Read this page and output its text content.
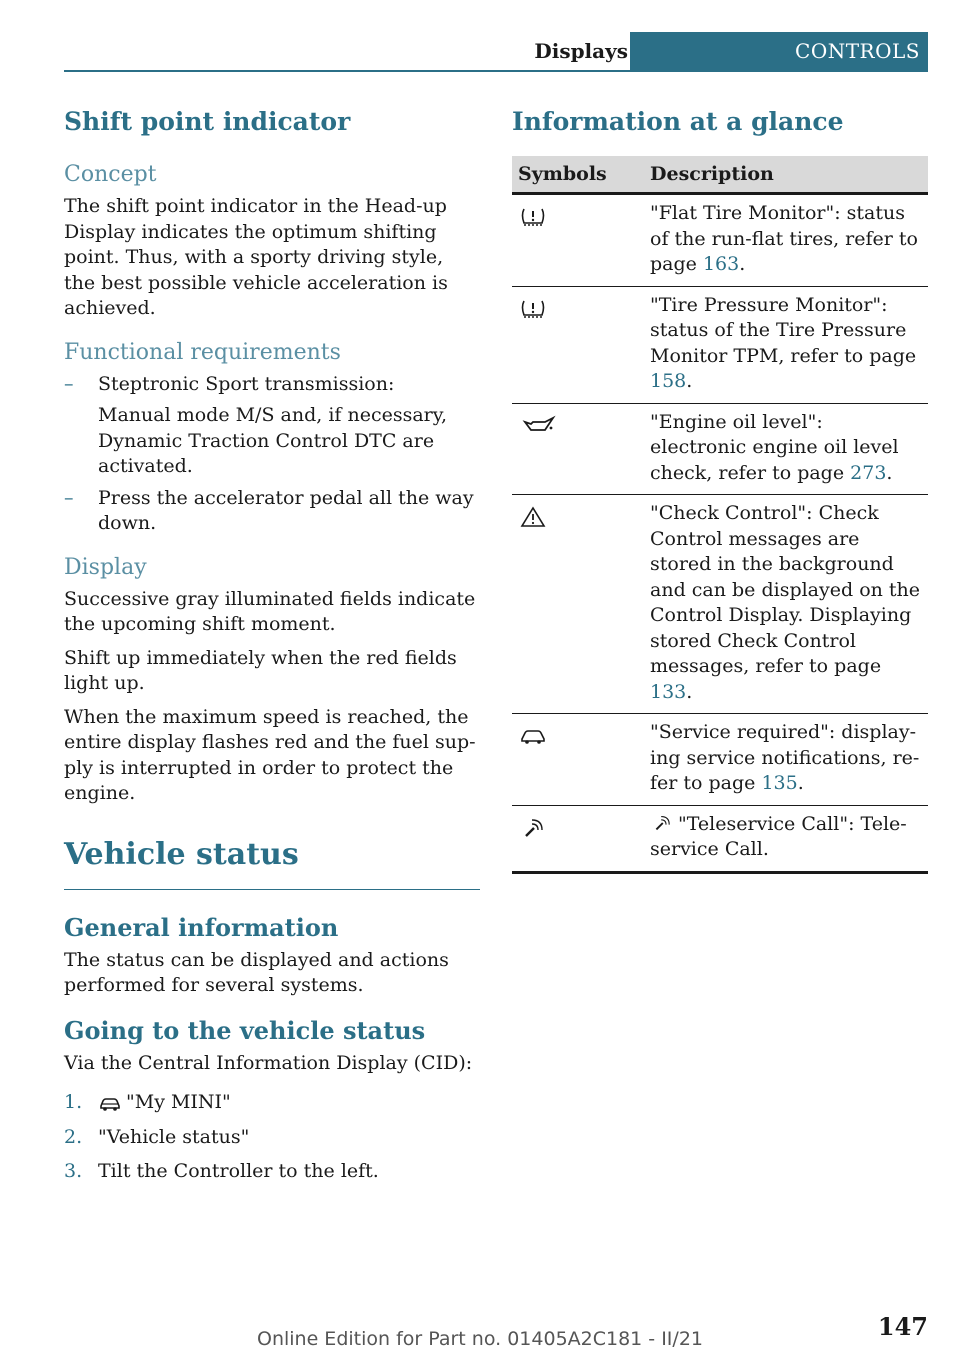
Displays	CONTROLS
Shift point indicator
Concept

The shift point indicator in the Head-up Display indicates the optimum shifting point. Thus, with a sporty driving style, the best possible vehicle acceleration is achieved.

Functional requirements
–	Steptronic Sport transmission:
Manual mode M/S and, if necessary, Dynamic Traction Control DTC are activated.
–	Press the accelerator pedal all the way down.
Display

Successive gray illuminated fields indicate the upcoming shift moment.

Shift up immediately when the red fields light up.

When the maximum speed is reached, the entire display flashes red and the fuel supply is interrupted in order to protect the engine.

Vehicle status
General information

The status can be displayed and actions performed for several systems.

Going to the vehicle status

Via the Central Information Display (CID):

1.	"My MINI"
2. "Vehicle status"
3. Tilt the Controller to the left.
Information at a glance
Symbols	Description
	"Flat Tire Monitor": status of the run-flat tires, refer to page 163.
	"Tire Pressure Monitor": status of the Tire Pressure Monitor TPM, refer to page 158.
	"Engine oil level": electronic engine oil level check, refer to page 273.
	"Check Control": Check Control messages are stored in the background and can be displayed on the Control Display. Displaying stored Check Control messages, refer to page 133.
	"Service required": displaying service notifications, refer to page 135.
	"Teleservice Call": Teleservice Call.
147
Online Edition for Part no. 01405A2C181 - II/21
